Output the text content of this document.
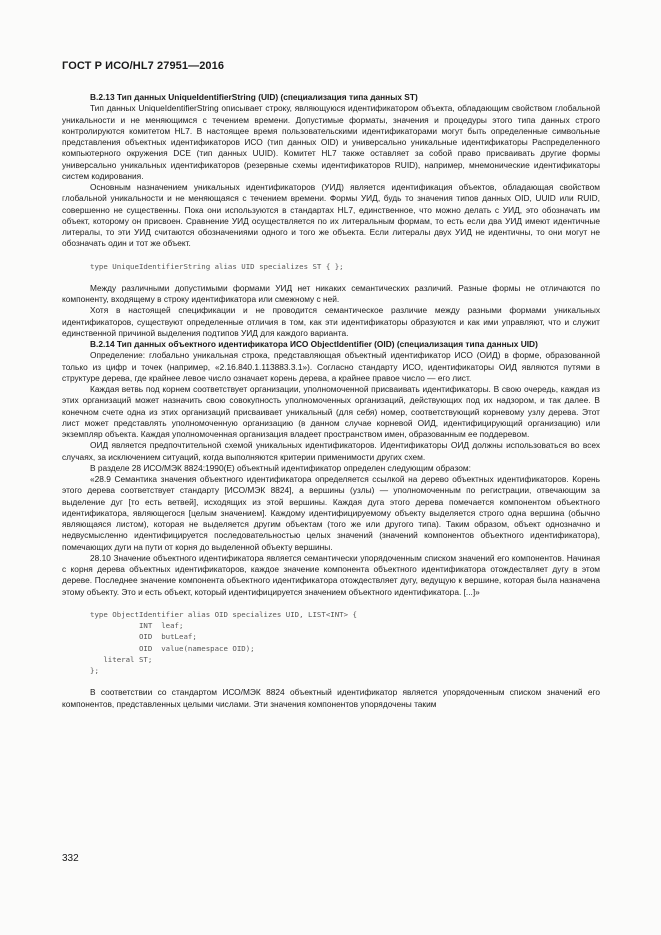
ГОСТ Р ИСО/HL7 27951—2016

B.2.13 Тип данных UniqueIdentifierString (UID) (специализация типа данных ST)

Тип данных UniqueIdentifierString описывает строку, являющуюся идентификатором объекта, обладающим свойством глобальной уникальности и не меняющимся с течением времени. Допустимые форматы, значения и процедуры этого типа данных строго контролируются комитетом HL7. В настоящее время пользовательскими идентификаторами могут быть определенные символьные представления объектных идентификаторов ИСО (тип данных OID) и универсально уникальные идентификаторы Распределенного компьютерного окружения DCE (тип данных UUID). Комитет HL7 также оставляет за собой право присваивать другие формы универсально уникальных идентификаторов (резервные схемы идентификаторов RUID), например, мнемонические идентификаторы систем кодирования.

Основным назначением уникальных идентификаторов (УИД) является идентификация объектов, обладающая свойством глобальной уникальности и не меняющаяся с течением времени. Формы УИД, будь то значения типов данных OID, UUID или RUID, совершенно не существенны. Пока они используются в стандартах HL7, единственное, что можно делать с УИД, это обозначать им объект, которому он присвоен. Сравнение УИД осуществляется по их литеральным формам, то есть если два УИД имеют идентичные литералы, то эти УИД считаются обозначениями одного и того же объекта. Если литералы двух УИД не идентичны, то они могут не обозначать один и тот же объект.

type UniqueIdentifierString alias UID specializes ST { };

Между различными допустимыми формами УИД нет никаких семантических различий. Разные формы не отличаются по компоненту, входящему в строку идентификатора или смежному с ней.

Хотя в настоящей спецификации и не проводится семантическое различие между разными формами уникальных идентификаторов, существуют определенные отличия в том, как эти идентификаторы образуются и как ими управляют, что и служит единственной причиной выделения подтипов УИД для каждого варианта.

B.2.14 Тип данных объектного идентификатора ИСО ObjectIdentifier (OID) (специализация типа данных UID)

Определение: глобально уникальная строка, представляющая объектный идентификатор ИСО (ОИД) в форме, образованной только из цифр и точек (например, «2.16.840.1.113883.3.1»). Согласно стандарту ИСО, идентификаторы ОИД являются путями в структуре дерева, где крайнее левое число означает корень дерева, а крайнее правое число — его лист.

Каждая ветвь под корнем соответствует организации, уполномоченной присваивать идентификаторы. В свою очередь, каждая из этих организаций может назначить свою совокупность уполномоченных организаций, действующих под их надзором, и так далее. В конечном счете одна из этих организаций присваивает уникальный (для себя) номер, соответствующий корневому узлу дерева. Этот лист может представлять уполномоченную организацию (в данном случае корневой ОИД, идентифицирующий организацию) или экземпляр объекта. Каждая уполномоченная организация владеет пространством имен, образованным ее поддеревом.

ОИД является предпочтительной схемой уникальных идентификаторов. Идентификаторы ОИД должны использоваться во всех случаях, за исключением ситуаций, когда выполняются критерии применимости других схем.

В разделе 28 ИСО/МЭК 8824:1990(E) объектный идентификатор определен следующим образом:

«28.9 Семантика значения объектного идентификатора определяется ссылкой на дерево объектных идентификаторов. Корень этого дерева соответствует стандарту [ИСО/МЭК 8824], а вершины (узлы) — уполномоченным по регистрации, отвечающим за выделение дуг [то есть ветвей], исходящих из этой вершины. Каждая дуга этого дерева помечается компонентом объектного идентификатора, являющегося [целым значением]. Каждому идентифицируемому объекту выделяется строго одна вершина (обычно являющаяся листом), которая не выделяется другим объектам (того же или другого типа). Таким образом, объект однозначно и недвусмысленно идентифицируется последовательностью целых значений (значений компонентов объектного идентификатора), помечающих дуги на пути от корня до выделенной объекту вершины.

28.10 Значение объектного идентификатора является семантически упорядоченным списком значений его компонентов. Начиная с корня дерева объектных идентификаторов, каждое значение компонента объектного идентификатора отождествляет дугу в этом дереве. Последнее значение компонента объектного идентификатора отождествляет дугу, ведущую к вершине, которая была назначена этому объекту. Это и есть объект, который идентифицируется значением объектного идентификатора. [...]»

type ObjectIdentifier alias OID specializes UID, LIST<INT> {
INT  leaf;
OID  butLeaf;
OID  value(namespace OID);
literal ST;
};

В соответствии со стандартом ИСО/МЭК 8824 объектный идентификатор является упорядоченным списком значений его компонентов, представленных целыми числами. Эти значения компонентов упорядочены таким

332
